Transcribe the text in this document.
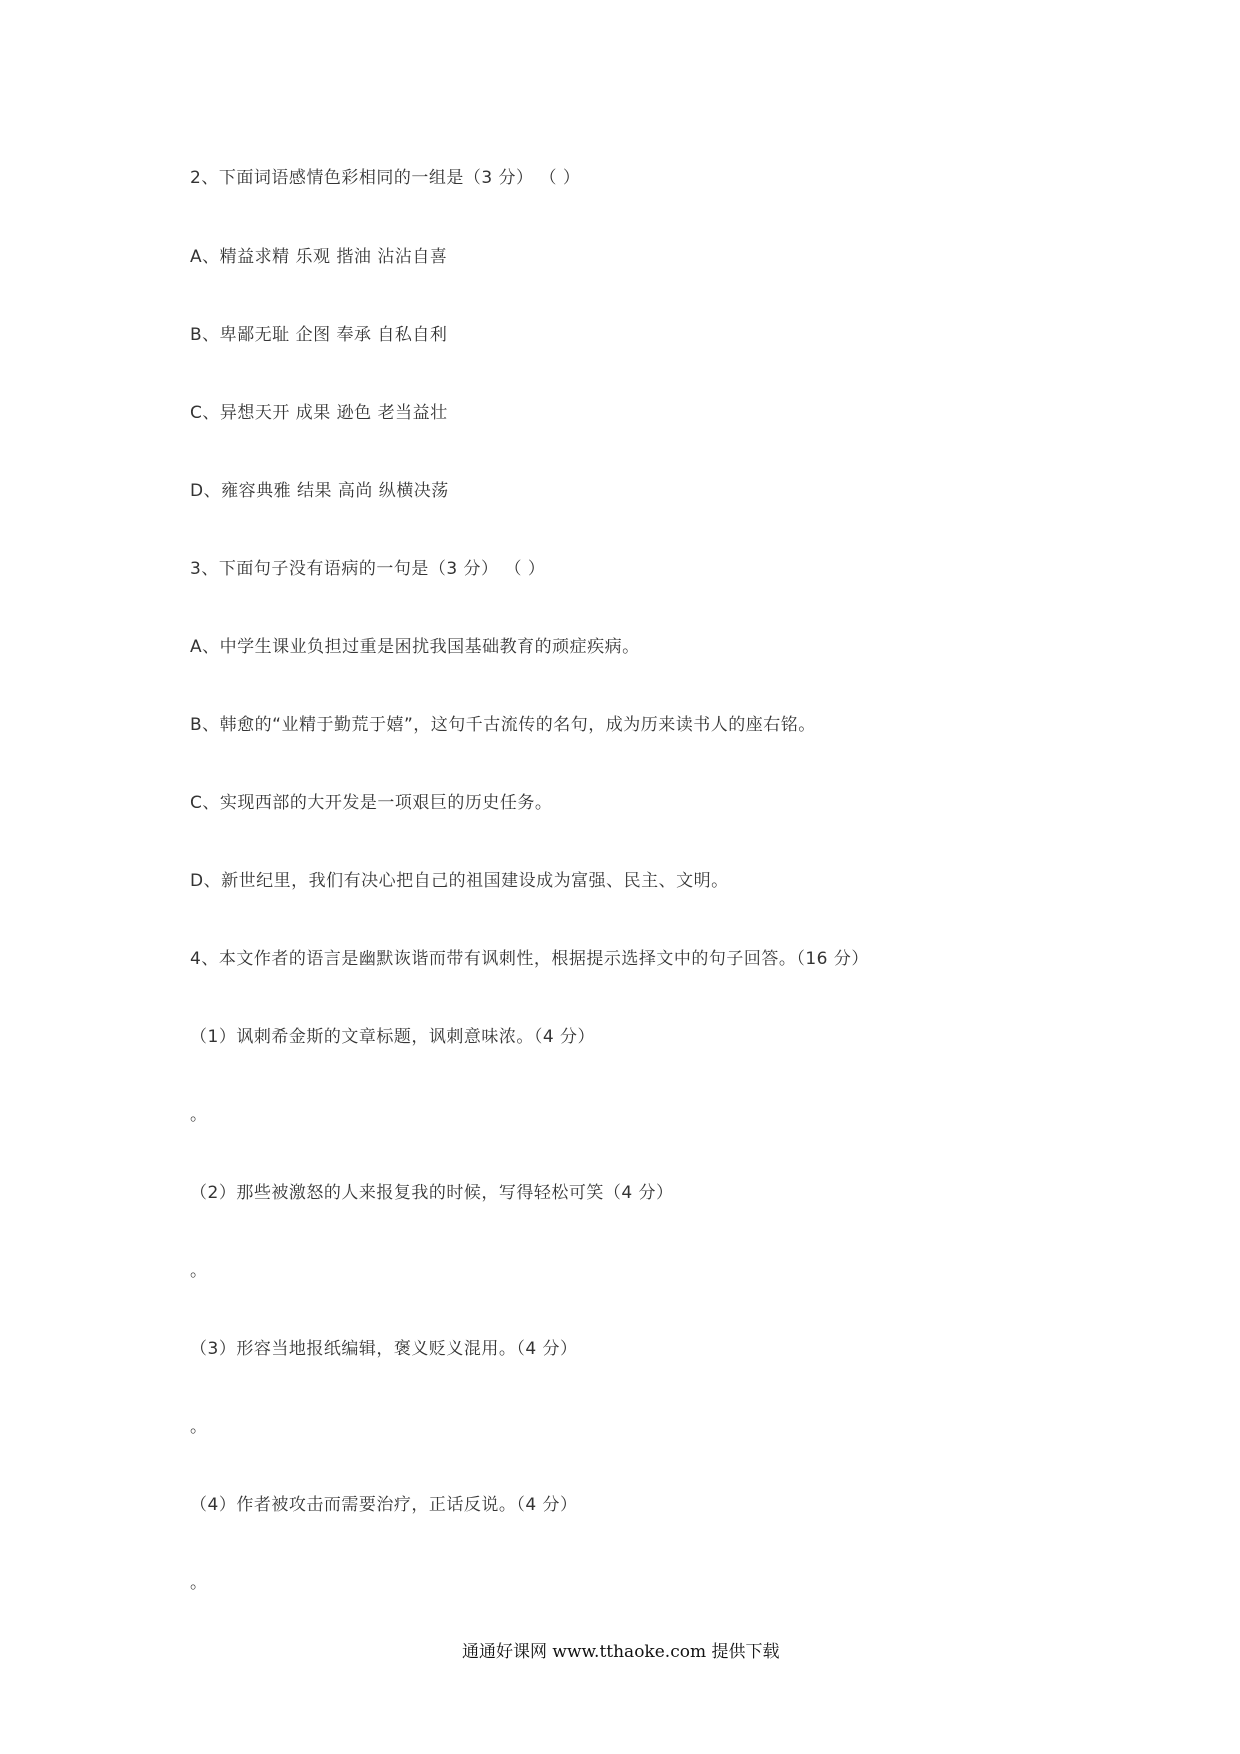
2、下面词语感情色彩相同的一组是（3 分） （ ）
A、精益求精 乐观 揩油 沾沾自喜
B、卑鄙无耻 企图 奉承 自私自利
C、异想天开 成果 逊色 老当益壮
D、雍容典雅 结果 高尚 纵横决荡
3、下面句子没有语病的一句是（3 分） （ ）
A、中学生课业负担过重是困扰我国基础教育的顽症疾病。
B、韩愈的“业精于勤荒于嬉”，这句千古流传的名句，成为历来读书人的座右铭。
C、实现西部的大开发是一项艰巨的历史任务。
D、新世纪里，我们有决心把自己的祖国建设成为富强、民主、文明。
4、本文作者的语言是幽默诙谐而带有讽刺性，根据提示选择文中的句子回答。（16 分）
（1）讽刺希金斯的文章标题，讽刺意味浓。（4 分）
。
（2）那些被激怒的人来报复我的时候，写得轻松可笑（4 分）
。
（3）形容当地报纸编辑，褒义贬义混用。（4 分）
。
（4）作者被攻击而需要治疗，正话反说。（4 分）
。
通通好课网 www.tthaoke.com 提供下载
